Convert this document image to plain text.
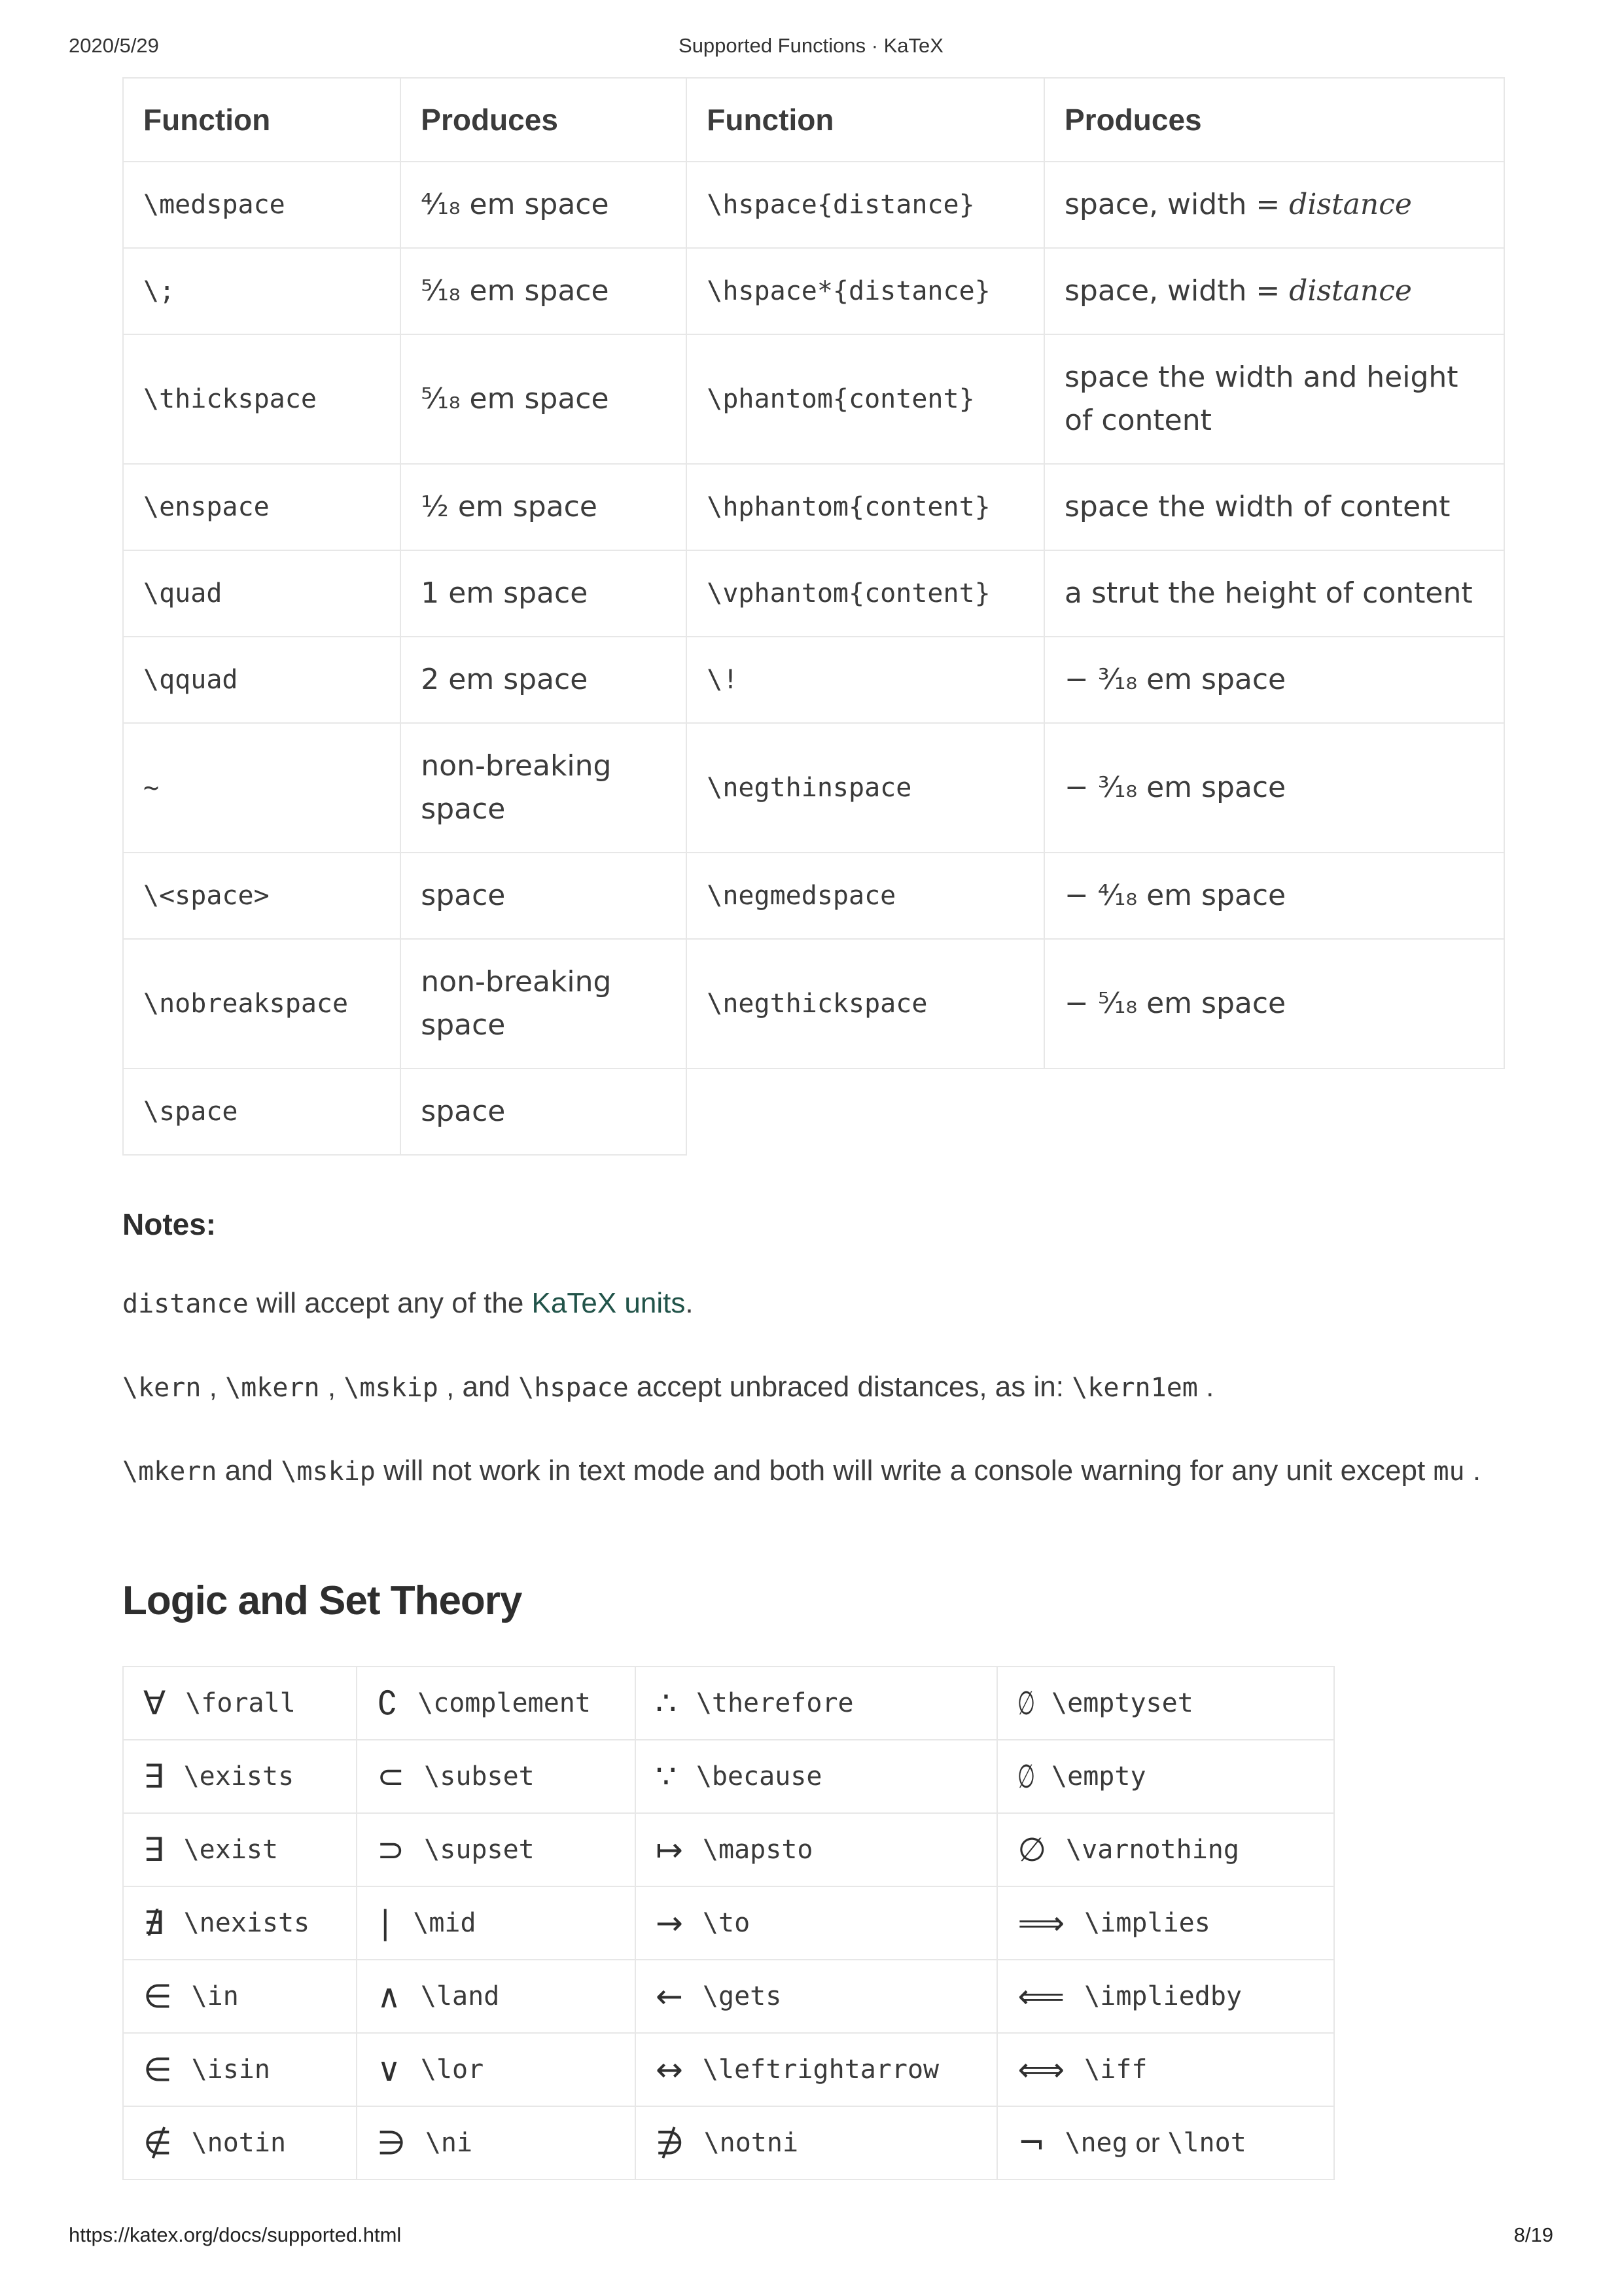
2020/5/29	Supported Functions · KaTeX
Function	Produces	Function	Produces
\medspace	⁴⁄₁₈ em space	\hspace{distance}	space, width = distance
\;	⁵⁄₁₈ em space	\hspace*{distance}	space, width = distance
\thickspace	⁵⁄₁₈ em space	\phantom{content}	space the width and height of content
\enspace	½ em space	\hphantom{content}	space the width of content
\quad	1 em space	\vphantom{content}	a strut the height of content
\qquad	2 em space	\!	− ³⁄₁₈ em space
~	non-breaking space	\negthinspace	− ³⁄₁₈ em space
\<space>	space	\negmedspace	− ⁴⁄₁₈ em space
\nobreakspace	non-breaking space	\negthickspace	− ⁵⁄₁₈ em space
\space	space		
Notes:

distance will accept any of the KaTeX units.

\kern , \mkern , \mskip , and \hspace accept unbraced distances, as in: \kern1em .

\mkern and \mskip will not work in text mode and both will write a console warning for any unit except mu .

Logic and Set Theory
∀ \forall	∁ \complement	∴ \therefore	∅ \emptyset
∃ \exists	⊂ \subset	∵ \because	∅ \empty
∃ \exist	⊃ \supset	↦ \mapsto	∅ \varnothing
∄ \nexists	∣ \mid	→ \to	⟹ \implies
∈ \in	∧ \land	← \gets	⟸ \impliedby
∈ \isin	∨ \lor	↔ \leftrightarrow	⟺ \iff
∉ \notin	∋ \ni	∌ \notni	¬ \neg or \lnot
https://katex.org/docs/supported.html	8/19
